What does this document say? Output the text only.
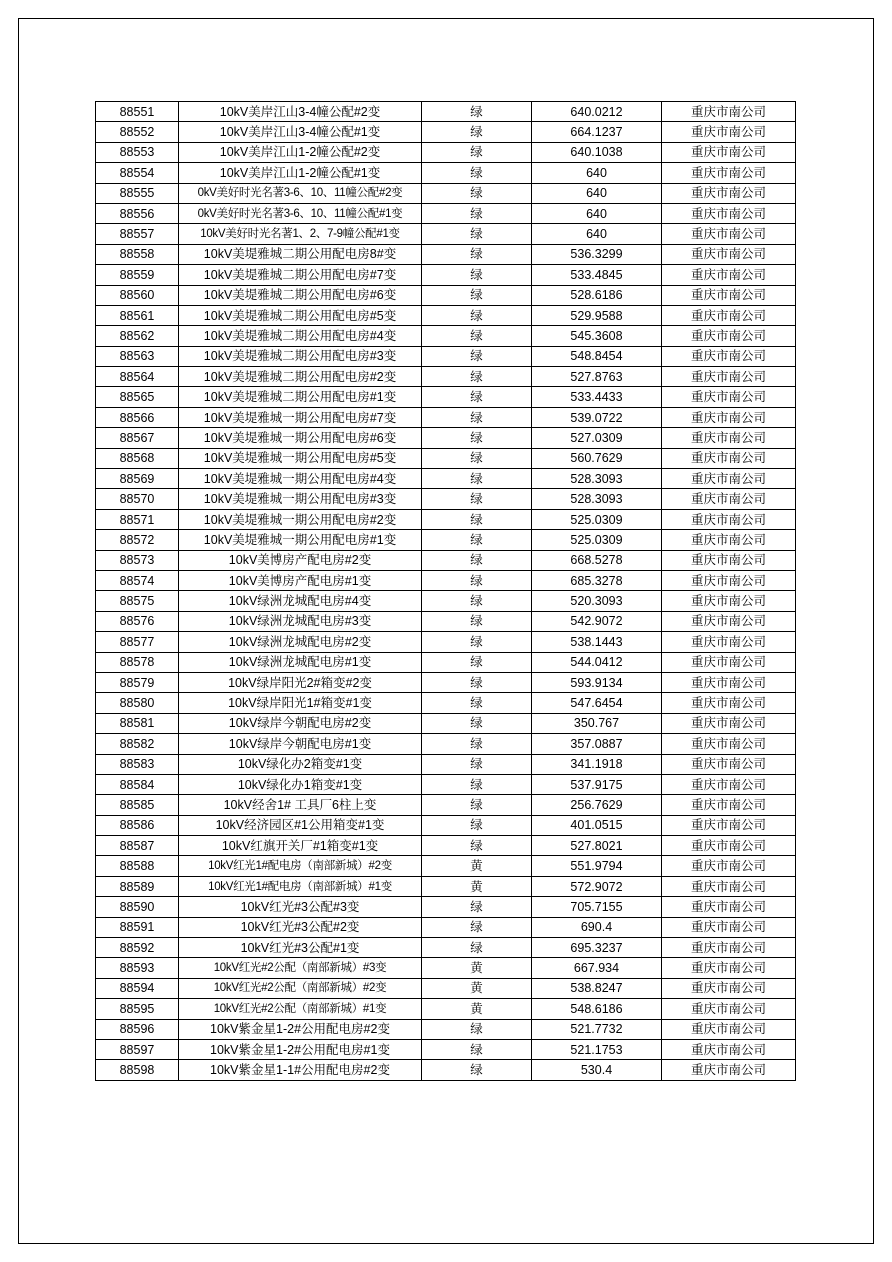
88551	10kV美岸江山3-4幢公配#2变	绿	640.0212	重庆市南公司
88552	10kV美岸江山3-4幢公配#1变	绿	664.1237	重庆市南公司
88553	10kV美岸江山1-2幢公配#2变	绿	640.1038	重庆市南公司
88554	10kV美岸江山1-2幢公配#1变	绿	640	重庆市南公司
88555	0kV美好时光名著3-6、10、11幢公配#2变	绿	640	重庆市南公司
88556	0kV美好时光名著3-6、10、11幢公配#1变	绿	640	重庆市南公司
88557	10kV美好时光名著1、2、7-9幢公配#1变	绿	640	重庆市南公司
88558	10kV美堤雅城二期公用配电房8#变	绿	536.3299	重庆市南公司
88559	10kV美堤雅城二期公用配电房#7变	绿	533.4845	重庆市南公司
88560	10kV美堤雅城二期公用配电房#6变	绿	528.6186	重庆市南公司
88561	10kV美堤雅城二期公用配电房#5变	绿	529.9588	重庆市南公司
88562	10kV美堤雅城二期公用配电房#4变	绿	545.3608	重庆市南公司
88563	10kV美堤雅城二期公用配电房#3变	绿	548.8454	重庆市南公司
88564	10kV美堤雅城二期公用配电房#2变	绿	527.8763	重庆市南公司
88565	10kV美堤雅城二期公用配电房#1变	绿	533.4433	重庆市南公司
88566	10kV美堤雅城一期公用配电房#7变	绿	539.0722	重庆市南公司
88567	10kV美堤雅城一期公用配电房#6变	绿	527.0309	重庆市南公司
88568	10kV美堤雅城一期公用配电房#5变	绿	560.7629	重庆市南公司
88569	10kV美堤雅城一期公用配电房#4变	绿	528.3093	重庆市南公司
88570	10kV美堤雅城一期公用配电房#3变	绿	528.3093	重庆市南公司
88571	10kV美堤雅城一期公用配电房#2变	绿	525.0309	重庆市南公司
88572	10kV美堤雅城一期公用配电房#1变	绿	525.0309	重庆市南公司
88573	10kV美博房产配电房#2变	绿	668.5278	重庆市南公司
88574	10kV美博房产配电房#1变	绿	685.3278	重庆市南公司
88575	10kV绿洲龙城配电房#4变	绿	520.3093	重庆市南公司
88576	10kV绿洲龙城配电房#3变	绿	542.9072	重庆市南公司
88577	10kV绿洲龙城配电房#2变	绿	538.1443	重庆市南公司
88578	10kV绿洲龙城配电房#1变	绿	544.0412	重庆市南公司
88579	10kV绿岸阳光2#箱变#2变	绿	593.9134	重庆市南公司
88580	10kV绿岸阳光1#箱变#1变	绿	547.6454	重庆市南公司
88581	10kV绿岸今朝配电房#2变	绿	350.767	重庆市南公司
88582	10kV绿岸今朝配电房#1变	绿	357.0887	重庆市南公司
88583	10kV绿化办2箱变#1变	绿	341.1918	重庆市南公司
88584	10kV绿化办1箱变#1变	绿	537.9175	重庆市南公司
88585	10kV经舍1# 工具厂6柱上变	绿	256.7629	重庆市南公司
88586	10kV经济园区#1公用箱变#1变	绿	401.0515	重庆市南公司
88587	10kV红旗开关厂#1箱变#1变	绿	527.8021	重庆市南公司
88588	10kV红光1#配电房（南部新城）#2变	黄	551.9794	重庆市南公司
88589	10kV红光1#配电房（南部新城）#1变	黄	572.9072	重庆市南公司
88590	10kV红光#3公配#3变	绿	705.7155	重庆市南公司
88591	10kV红光#3公配#2变	绿	690.4	重庆市南公司
88592	10kV红光#3公配#1变	绿	695.3237	重庆市南公司
88593	10kV红光#2公配（南部新城）#3变	黄	667.934	重庆市南公司
88594	10kV红光#2公配（南部新城）#2变	黄	538.8247	重庆市南公司
88595	10kV红光#2公配（南部新城）#1变	黄	548.6186	重庆市南公司
88596	10kV紫金星1-2#公用配电房#2变	绿	521.7732	重庆市南公司
88597	10kV紫金星1-2#公用配电房#1变	绿	521.1753	重庆市南公司
88598	10kV紫金星1-1#公用配电房#2变	绿	530.4	重庆市南公司
